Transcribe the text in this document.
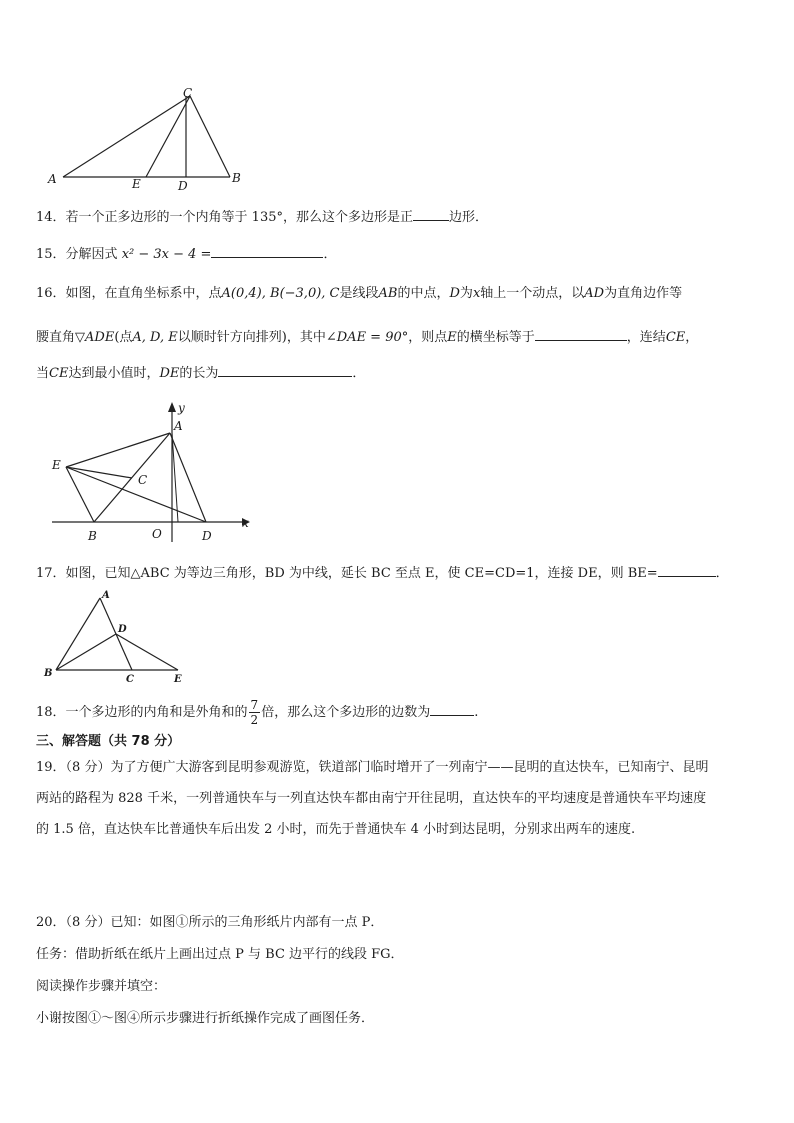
C
A	E	D
B
14．若一个正多边形的一个内角等于 135°，那么这个多边形是正	边形．
15．分解因式 x² − 3x − 4 =	．
16．如图，在直角坐标系中，点A(0,4), B(−3,0), C是线段AB的中点，D为x轴上一个动点，以AD为直角边作等
腰直角▽ADE(点A, D, E以顺时针方向排列)，其中∠DAE = 90°，则点E的横坐标等于	，连结CE，
当CE达到最小值时，DE的长为	．
y
A
E
C
B	O	D
x
17．如图，已知△ABC 为等边三角形，BD 为中线，延长 BC 至点 E，使 CE=CD=1，连接 DE，则 BE=	．
A
D
B
C	E
18．一个多边形的内角和是外角和的 $\frac{7}{2}$ 倍，那么这个多边形的边数为	.
三、解答题（共 78 分）
19．（8 分）为了方便广大游客到昆明参观游览，铁道部门临时增开了一列南宁——昆明的直达快车，已知南宁、昆明
两站的路程为 828 千米，一列普通快车与一列直达快车都由南宁开往昆明，直达快车的平均速度是普通快车平均速度
的 1.5 倍，直达快车比普通快车后出发 2 小时，而先于普通快车 4 小时到达昆明，分别求出两车的速度.
20．（8 分）已知：如图①所示的三角形纸片内部有一点 P．
任务：借助折纸在纸片上画出过点 P 与 BC 边平行的线段 FG．
阅读操作步骤并填空：
小谢按图①～图④所示步骤进行折纸操作完成了画图任务．
